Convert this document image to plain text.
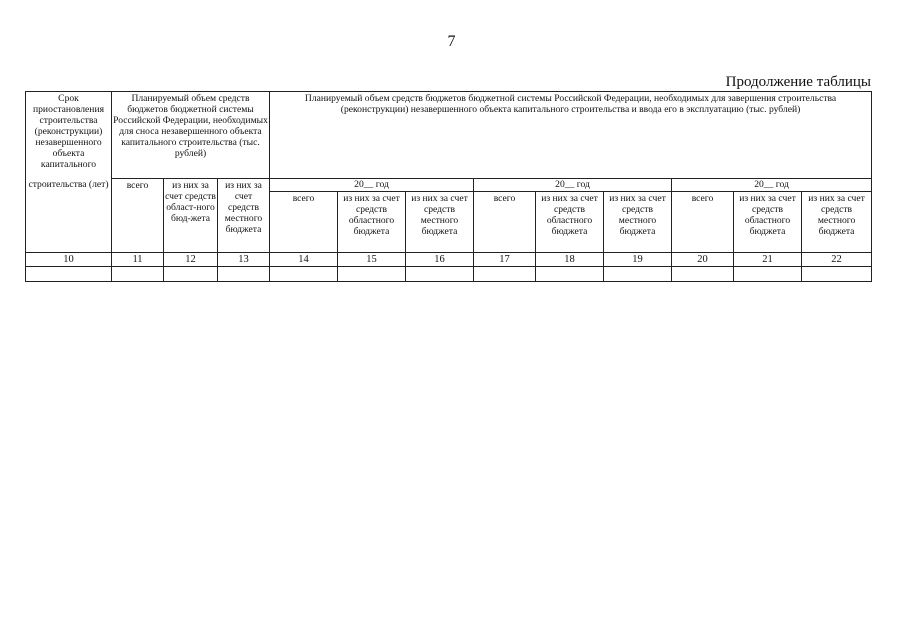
7
Продолжение таблицы
Срок приостановления строительства (реконструкции) незавершенного объекта капитального	Планируемый объем средств бюджетов бюджетной системы Российской Федерации, необходимых для сноса незавершенного объекта капитального строительства (тыс. рублей)			Планируемый объем средств бюджетов бюджетной системы Российской Федерации, необходимых для завершения строительства (реконструкции) незавершенного объекта капитального строительства и ввода его в эксплуатацию (тыс. рублей)								
строительства (лет)	всего	из них за счет средств област-ного бюд-жета	из них за счет средств местного бюджета	20__ год			20__ год			20__ год		
				всего	из них за счет средств областного бюджета	из них за счет средств местного бюджета	всего	из них за счет средств областного бюджета	из них за счет средств местного бюджета	всего	из них за счет средств областного бюджета	из них за счет средств местного бюджета
10	11	12	13	14	15	16	17	18	19	20	21	22
